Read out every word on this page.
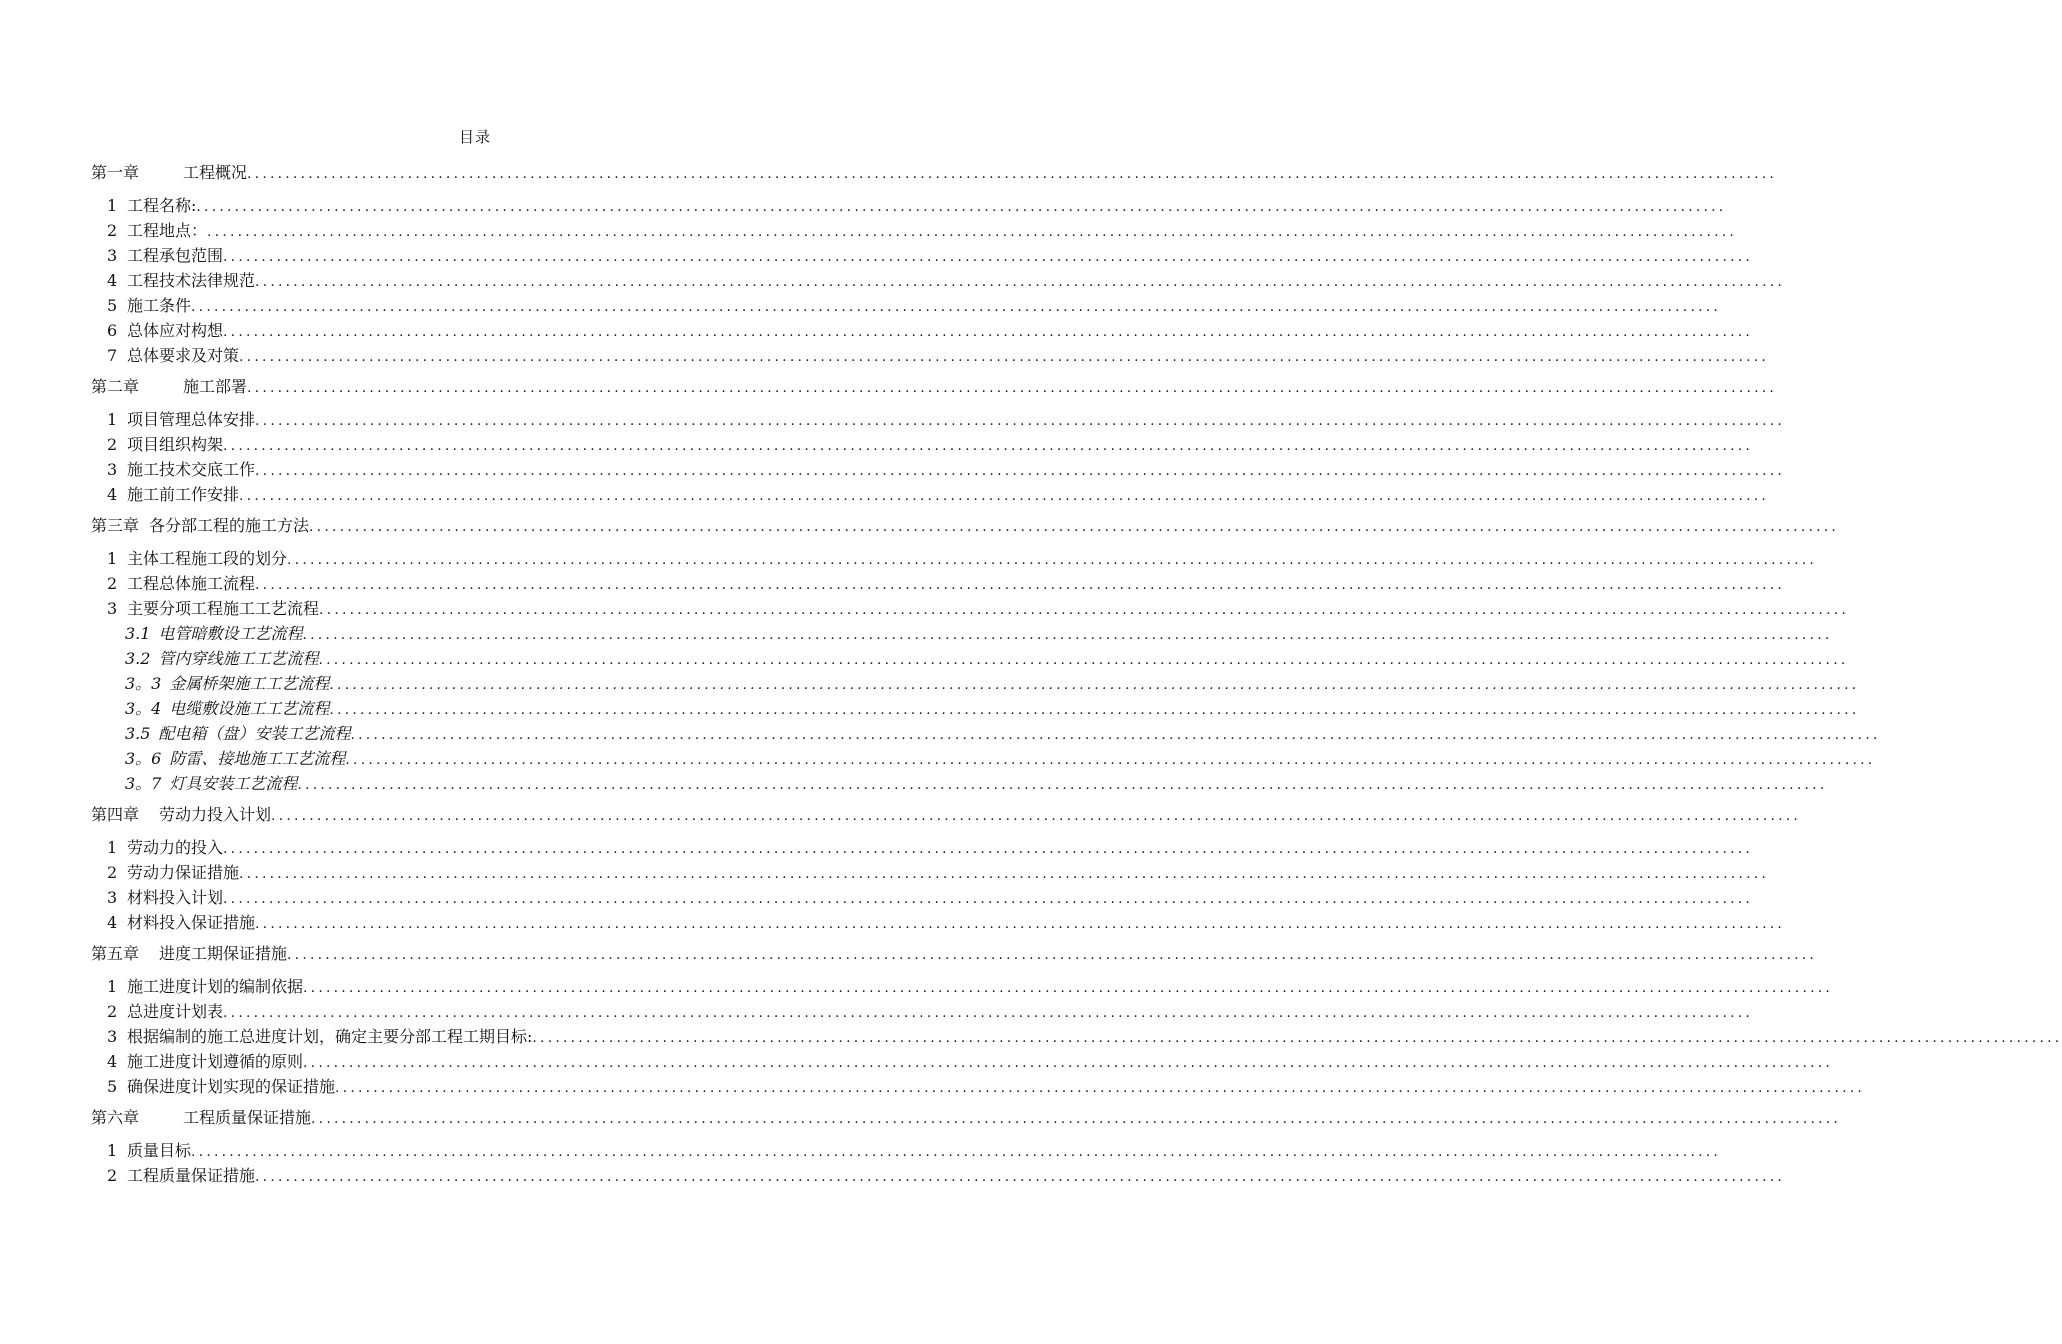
目录
第一章	工程概况 ........................................................................................................................................................................................................
1 工程名称: ........................................................................................................................................................................................................
2 工程地点： ........................................................................................................................................................................................................
3 工程承包范围 ........................................................................................................................................................................................................
4 工程技术法律规范 ........................................................................................................................................................................................................
5 施工条件 ........................................................................................................................................................................................................
6 总体应对构想 ........................................................................................................................................................................................................
7 总体要求及对策 ........................................................................................................................................................................................................
第二章	施工部署 ........................................................................................................................................................................................................
1 项目管理总体安排 ........................................................................................................................................................................................................
2 项目组织构架 ........................................................................................................................................................................................................
3 施工技术交底工作 ........................................................................................................................................................................................................
4 施工前工作安排 ........................................................................................................................................................................................................
第三章 各分部工程的施工方法 ........................................................................................................................................................................................................
1 主体工程施工段的划分 ........................................................................................................................................................................................................
2 工程总体施工流程 ........................................................................................................................................................................................................
3 主要分项工程施工工艺流程 ........................................................................................................................................................................................................
3.1 电管暗敷设工艺流程 ........................................................................................................................................................................................................
3.2 管内穿线施工工艺流程 ........................................................................................................................................................................................................
3。3 金属桥架施工工艺流程 ........................................................................................................................................................................................................
3。4 电缆敷设施工工艺流程 ........................................................................................................................................................................................................
3.5 配电箱（盘）安装工艺流程 ........................................................................................................................................................................................................
3。6 防雷、接地施工工艺流程 ........................................................................................................................................................................................................
3。7 灯具安装工艺流程 ........................................................................................................................................................................................................
第四章 劳动力投入计划 ........................................................................................................................................................................................................
1 劳动力的投入 ........................................................................................................................................................................................................
2 劳动力保证措施 ........................................................................................................................................................................................................
3 材料投入计划 ........................................................................................................................................................................................................
4 材料投入保证措施 ........................................................................................................................................................................................................
第五章 进度工期保证措施 ........................................................................................................................................................................................................
1 施工进度计划的编制依据 ........................................................................................................................................................................................................
2 总进度计划表 ........................................................................................................................................................................................................
3 根据编制的施工总进度计划，确定主要分部工程工期目标: ........................................................................................................................................................................................................
4 施工进度计划遵循的原则 ........................................................................................................................................................................................................
5 确保进度计划实现的保证措施 ........................................................................................................................................................................................................
第六章	工程质量保证措施 ........................................................................................................................................................................................................
1 质量目标 ........................................................................................................................................................................................................
2 工程质量保证措施 ........................................................................................................................................................................................................
